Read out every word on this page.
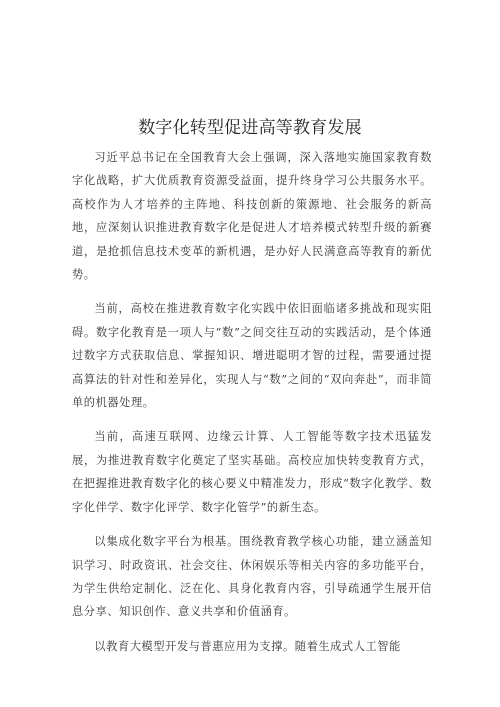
数字化转型促进高等教育发展

习近平总书记在全国教育大会上强调，深入落地实施国家教育数字化战略，扩大优质教育资源受益面，提升终身学习公共服务水平。高校作为人才培养的主阵地、科技创新的策源地、社会服务的新高地，应深刻认识推进教育数字化是促进人才培养模式转型升级的新赛道，是抢抓信息技术变革的新机遇，是办好人民满意高等教育的新优势。

当前，高校在推进教育数字化实践中依旧面临诸多挑战和现实阻碍。数字化教育是一项人与“数”之间交往互动的实践活动，是个体通过数字方式获取信息、掌握知识、增进聪明才智的过程，需要通过提高算法的针对性和差异化，实现人与“数”之间的“双向奔赴”，而非简单的机器处理。

当前，高速互联网、边缘云计算、人工智能等数字技术迅猛发展，为推进教育数字化奠定了坚实基础。高校应加快转变教育方式，在把握推进教育数字化的核心要义中精准发力，形成“数字化教学、数字化伴学、数字化评学、数字化管学”的新生态。

以集成化数字平台为根基。围绕教育教学核心功能，建立涵盖知识学习、时政资讯、社会交往、休闲娱乐等相关内容的多功能平台，为学生供给定制化、泛在化、具身化教育内容，引导疏通学生展开信息分享、知识创作、意义共享和价值涵育。

以教育大模型开发与普惠应用为支撑。随着生成式人工智能
